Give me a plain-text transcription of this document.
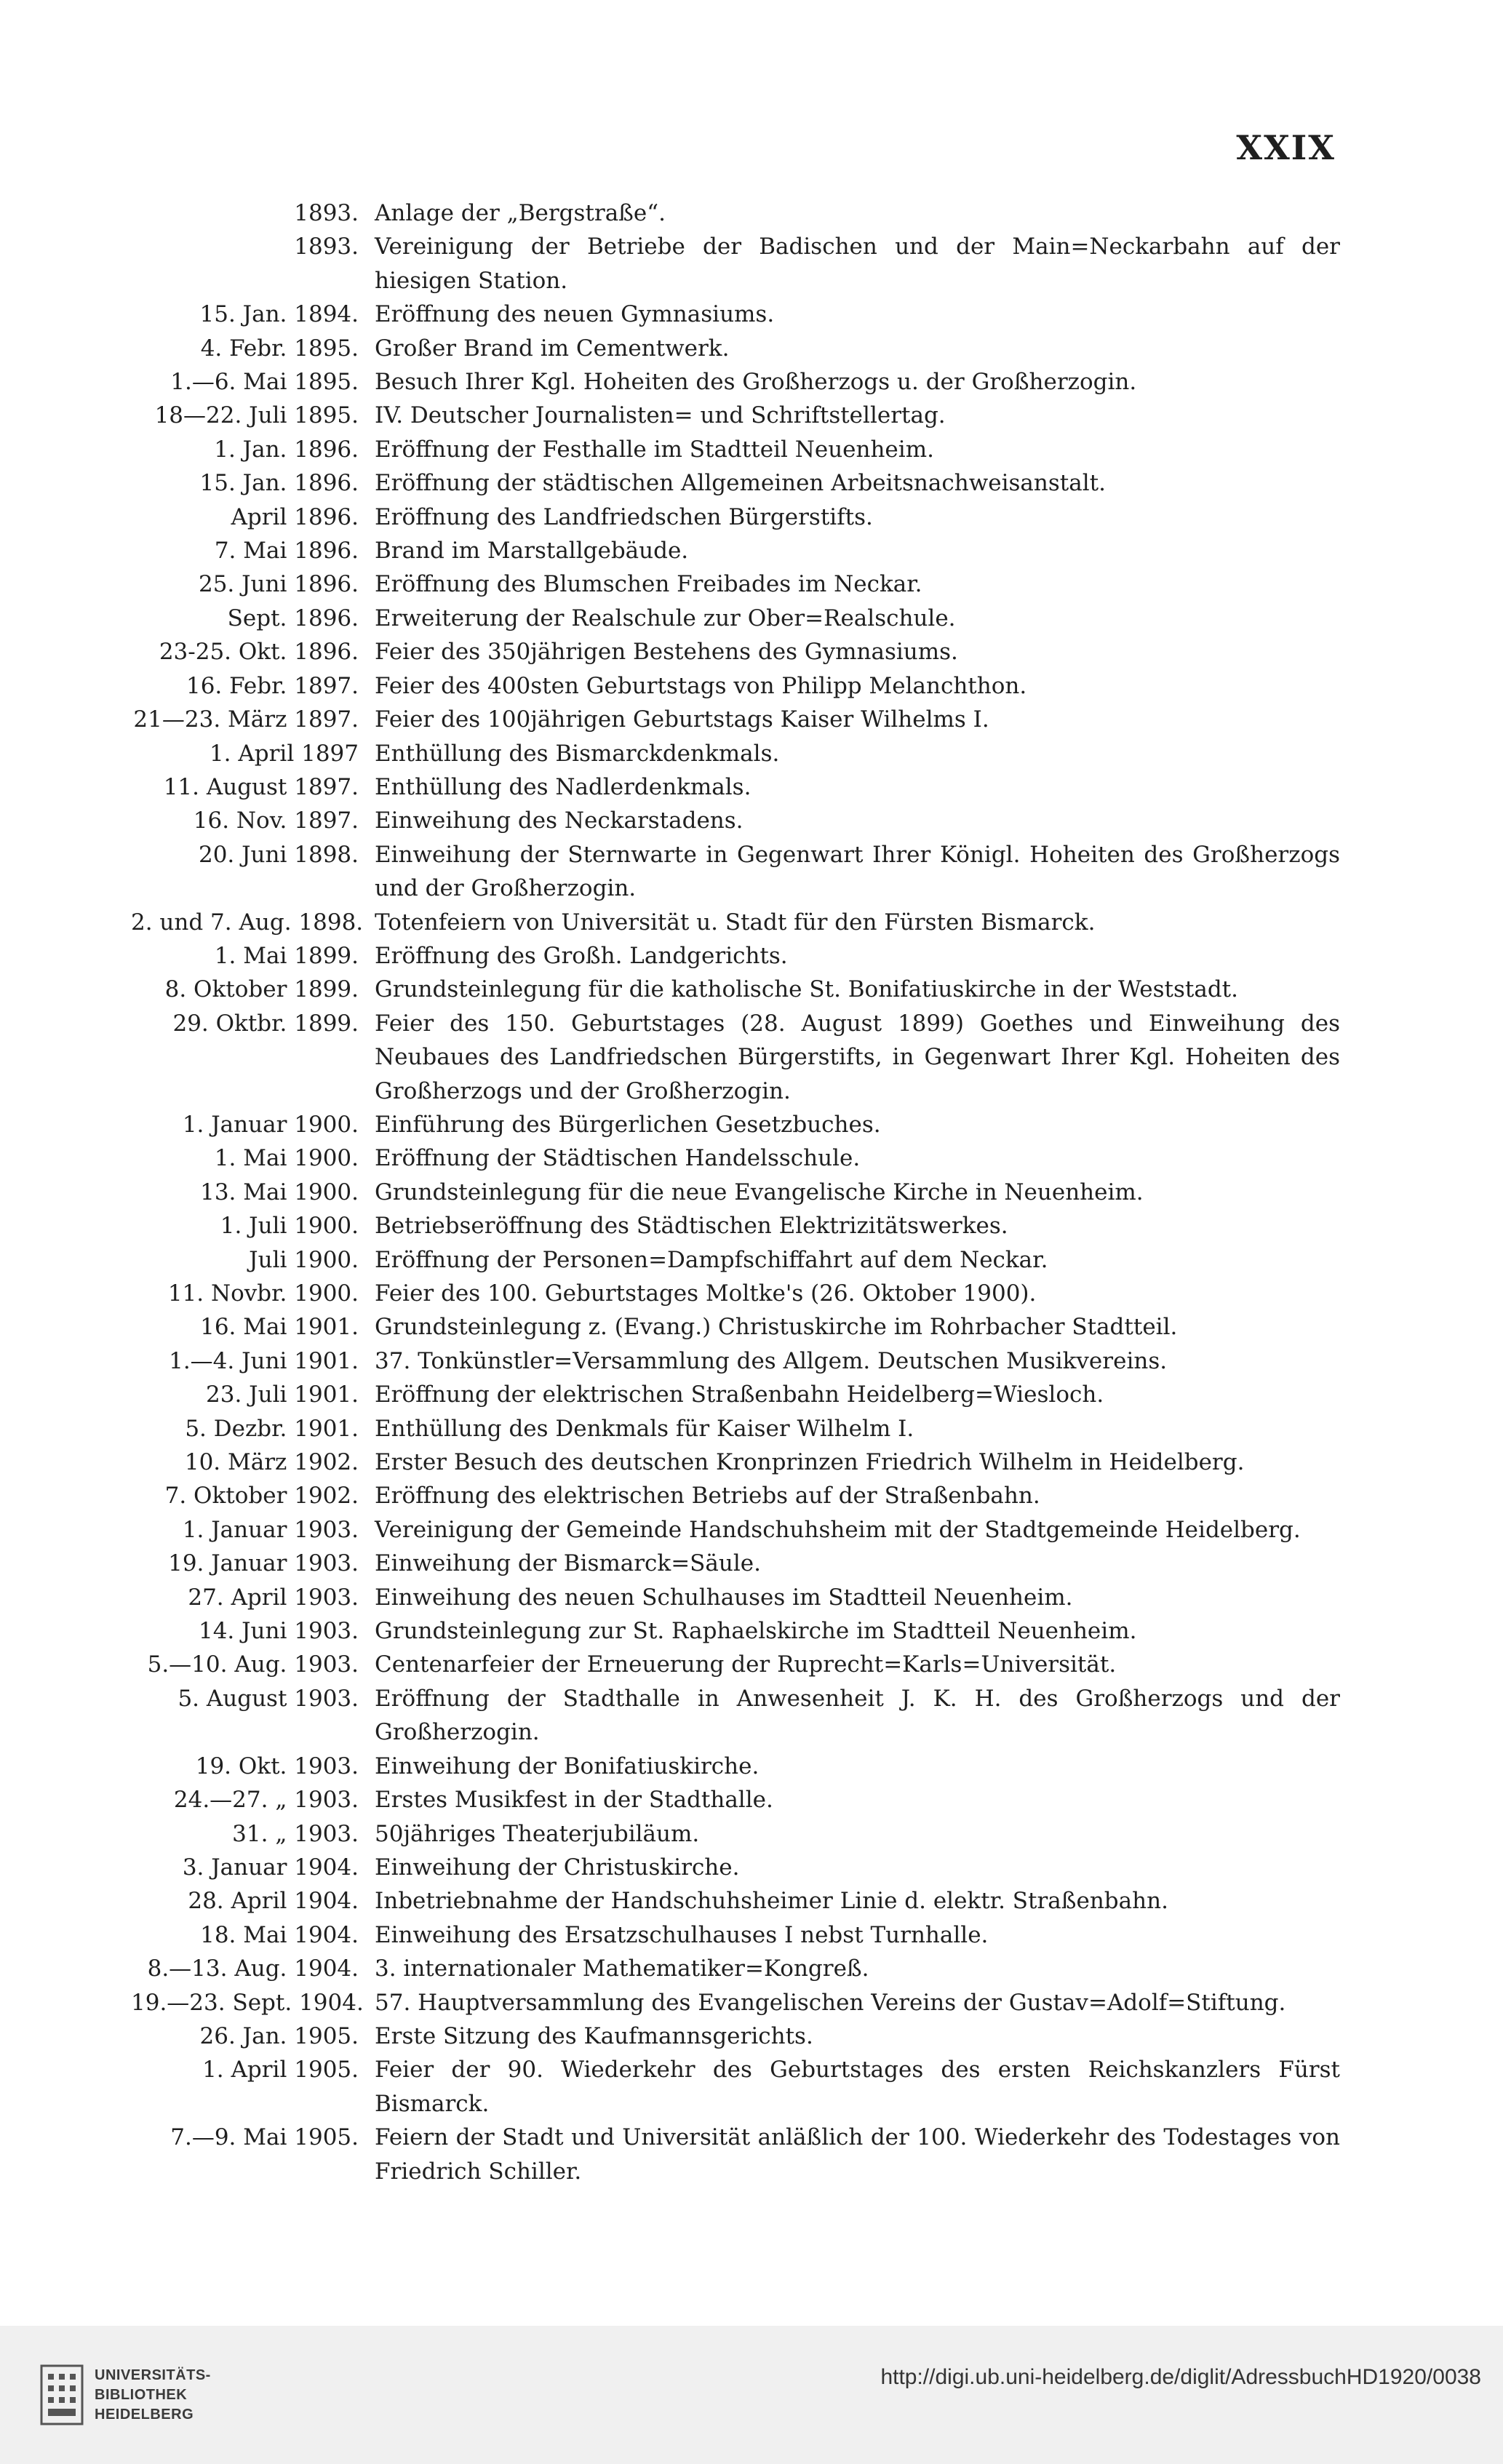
XXIX
1893. Anlage der „Bergstraße“.
1893. Vereinigung der Betriebe der Badischen und der Main=Neckarbahn auf der hiesigen Station.
15. Jan. 1894. Eröffnung des neuen Gymnasiums.
4. Febr. 1895. Großer Brand im Cementwerk.
1.—6. Mai 1895. Besuch Ihrer Kgl. Hoheiten des Großherzogs u. der Großherzogin.
18—22. Juli 1895. IV. Deutscher Journalisten= und Schriftstellertag.
1. Jan. 1896. Eröffnung der Festhalle im Stadtteil Neuenheim.
15. Jan. 1896. Eröffnung der städtischen Allgemeinen Arbeitsnachweisanstalt.
April 1896. Eröffnung des Landfriedschen Bürgerstifts.
7. Mai 1896. Brand im Marstallgebäude.
25. Juni 1896. Eröffnung des Blumschen Freibades im Neckar.
Sept. 1896. Erweiterung der Realschule zur Ober=Realschule.
23-25. Okt. 1896. Feier des 350jährigen Bestehens des Gymnasiums.
16. Febr. 1897. Feier des 400sten Geburtstags von Philipp Melanchthon.
21—23. März 1897. Feier des 100jährigen Geburtstags Kaiser Wilhelms I.
1. April 1897 Enthüllung des Bismarckdenkmals.
11. August 1897. Enthüllung des Nadlerdenkmals.
16. Nov. 1897. Einweihung des Neckarstadens.
20. Juni 1898. Einweihung der Sternwarte in Gegenwart Ihrer Königl. Hoheiten des Großherzogs und der Großherzogin.
2. und 7. Aug. 1898. Totenfeiern von Universität u. Stadt für den Fürsten Bismarck.
1. Mai 1899. Eröffnung des Großh. Landgerichts.
8. Oktober 1899. Grundsteinlegung für die katholische St. Bonifatiuskirche in der Weststadt.
29. Oktbr. 1899. Feier des 150. Geburtstages (28. August 1899) Goethes und Einweihung des Neubaues des Landfriedschen Bürgerstifts, in Gegenwart Ihrer Kgl. Hoheiten des Großherzogs und der Großherzogin.
1. Januar 1900. Einführung des Bürgerlichen Gesetzbuches.
1. Mai 1900. Eröffnung der Städtischen Handelsschule.
13. Mai 1900. Grundsteinlegung für die neue Evangelische Kirche in Neuenheim.
1. Juli 1900. Betriebseröffnung des Städtischen Elektrizitätswerkes.
Juli 1900. Eröffnung der Personen=Dampfschiffahrt auf dem Neckar.
11. Novbr. 1900. Feier des 100. Geburtstages Moltke's (26. Oktober 1900).
16. Mai 1901. Grundsteinlegung z. (Evang.) Christuskirche im Rohrbacher Stadtteil.
1.—4. Juni 1901. 37. Tonkünstler=Versammlung des Allgem. Deutschen Musikvereins.
23. Juli 1901. Eröffnung der elektrischen Straßenbahn Heidelberg=Wiesloch.
5. Dezbr. 1901. Enthüllung des Denkmals für Kaiser Wilhelm I.
10. März 1902. Erster Besuch des deutschen Kronprinzen Friedrich Wilhelm in Heidelberg.
7. Oktober 1902. Eröffnung des elektrischen Betriebs auf der Straßenbahn.
1. Januar 1903. Vereinigung der Gemeinde Handschuhsheim mit der Stadtgemeinde Heidelberg.
19. Januar 1903. Einweihung der Bismarck=Säule.
27. April 1903. Einweihung des neuen Schulhauses im Stadtteil Neuenheim.
14. Juni 1903. Grundsteinlegung zur St. Raphaelskirche im Stadtteil Neuenheim.
5.—10. Aug. 1903. Centenarfeier der Erneuerung der Ruprecht=Karls=Universität.
5. August 1903. Eröffnung der Stadthalle in Anwesenheit J. K. H. des Großherzogs und der Großherzogin.
19. Okt. 1903. Einweihung der Bonifatiuskirche.
24.—27. „ 1903. Erstes Musikfest in der Stadthalle.
31. „ 1903. 50jähriges Theaterjubiläum.
3. Januar 1904. Einweihung der Christuskirche.
28. April 1904. Inbetriebnahme der Handschuhsheimer Linie d. elektr. Straßenbahn.
18. Mai 1904. Einweihung des Ersatzschulhauses I nebst Turnhalle.
8.—13. Aug. 1904. 3. internationaler Mathematiker=Kongreß.
19.—23. Sept. 1904. 57. Hauptversammlung des Evangelischen Vereins der Gustav=Adolf=Stiftung.
26. Jan. 1905. Erste Sitzung des Kaufmannsgerichts.
1. April 1905. Feier der 90. Wiederkehr des Geburtstages des ersten Reichskanzlers Fürst Bismarck.
7.—9. Mai 1905. Feiern der Stadt und Universität anläßlich der 100. Wiederkehr des Todestages von Friedrich Schiller.
UNIVERSITÄTS-
BIBLIOTHEK
HEIDELBERG
http://digi.ub.uni-heidelberg.de/diglit/AdressbuchHD1920/0038
